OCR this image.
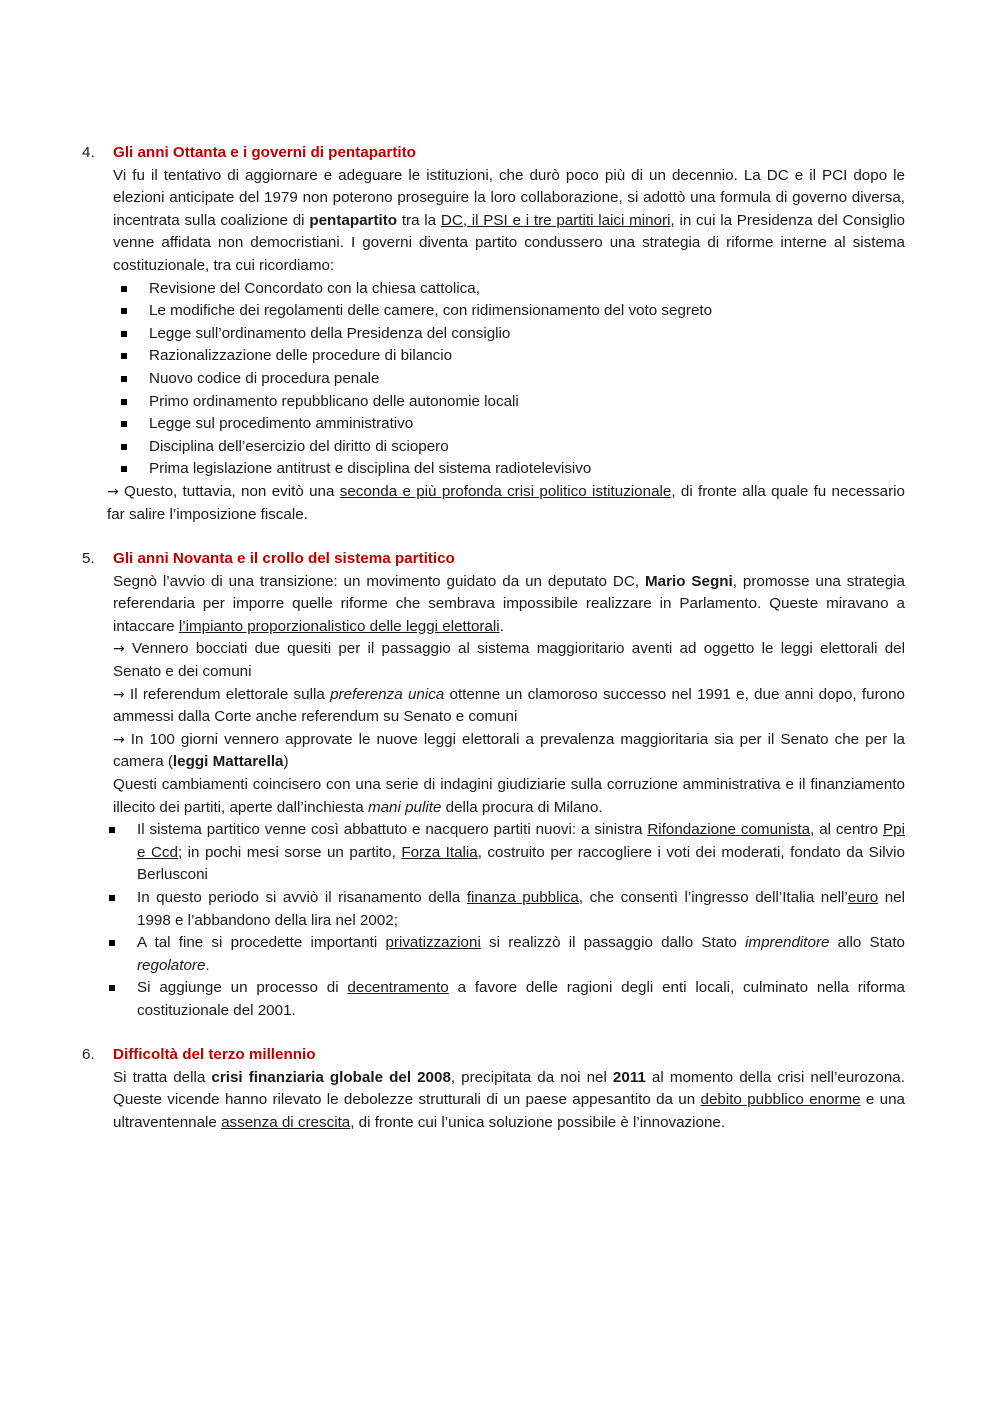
4.	Gli anni Ottanta e i governi di pentapartito

Vi fu il tentativo di aggiornare e adeguare le istituzioni, che durò poco più di un decennio. La DC e il PCI dopo le elezioni anticipate del 1979 non poterono proseguire la loro collaborazione, si adottò una formula di governo diversa, incentrata sulla coalizione di pentapartito tra la DC, il PSI e i tre partiti laici minori, in cui la Presidenza del Consiglio venne affidata non democristiani. I governi diventa partito condussero una strategia di riforme interne al sistema costituzionale, tra cui ricordiamo:

Revisione del Concordato con la chiesa cattolica,
Le modifiche dei regolamenti delle camere, con ridimensionamento del voto segreto
Legge sull’ordinamento della Presidenza del consiglio
Razionalizzazione delle procedure di bilancio
Nuovo codice di procedura penale
Primo ordinamento repubblicano delle autonomie locali
Legge sul procedimento amministrativo
Disciplina dell’esercizio del diritto di sciopero
Prima legislazione antitrust e disciplina del sistema radiotelevisivo

→ Questo, tuttavia, non evitò una seconda e più profonda crisi politico istituzionale, di fronte alla quale fu necessario far salire l’imposizione fiscale.

5.	Gli anni Novanta e il crollo del sistema partitico

Segnò l’avvio di una transizione: un movimento guidato da un deputato DC, Mario Segni, promosse una strategia referendaria per imporre quelle riforme che sembrava impossibile realizzare in Parlamento. Queste miravano a intaccare l’impianto proporzionalistico delle leggi elettorali.

→ Vennero bocciati due quesiti per il passaggio al sistema maggioritario aventi ad oggetto le leggi elettorali del Senato e dei comuni

→ Il referendum elettorale sulla preferenza unica ottenne un clamoroso successo nel 1991 e, due anni dopo, furono ammessi dalla Corte anche referendum su Senato e comuni

→ In 100 giorni vennero approvate le nuove leggi elettorali a prevalenza maggioritaria sia per il Senato che per la camera (leggi Mattarella)

Questi cambiamenti coincisero con una serie di indagini giudiziarie sulla corruzione amministrativa e il finanziamento illecito dei partiti, aperte dall’inchiesta mani pulite della procura di Milano.

Il sistema partitico venne così abbattuto e nacquero partiti nuovi: a sinistra Rifondazione comunista, al centro Ppi e Ccd; in pochi mesi sorse un partito, Forza Italia, costruito per raccogliere i voti dei moderati, fondato da Silvio Berlusconi
In questo periodo si avviò il risanamento della finanza pubblica, che consentì l’ingresso dell’Italia nell’euro nel 1998 e l’abbandono della lira nel 2002;
A tal fine si procedette importanti privatizzazioni si realizzò il passaggio dallo Stato imprenditore allo Stato regolatore.
Si aggiunge un processo di decentramento a favore delle ragioni degli enti locali, culminato nella riforma costituzionale del 2001.
6.	Difficoltà del terzo millennio

Si tratta della crisi finanziaria globale del 2008, precipitata da noi nel 2011 al momento della crisi nell’eurozona. Queste vicende hanno rilevato le debolezze strutturali di un paese appesantito da un debito pubblico enorme e una ultraventennale assenza di crescita, di fronte cui l’unica soluzione possibile è l’innovazione.
